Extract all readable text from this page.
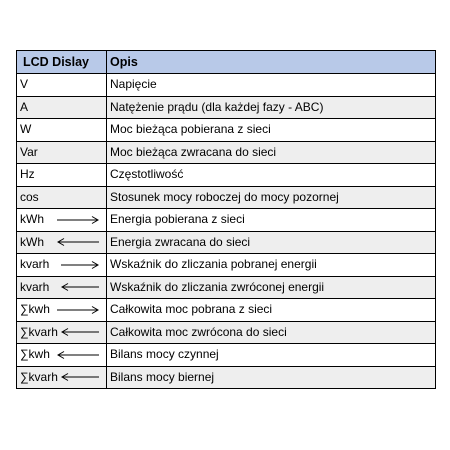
LCD Dislay	Opis
V	Napięcie
A	Natężenie prądu (dla każdej fazy - ABC)
W	Moc bieżąca pobierana z sieci
Var	Moc bieżąca zwracana do sieci
Hz	Częstotliwość
cos	Stosunek mocy roboczej do mocy pozornej
kWh	Energia pobierana z sieci
kWh	Energia zwracana do sieci
kvarh	Wskaźnik do zliczania pobranej energii
kvarh	Wskaźnik do zliczania zwróconej energii
∑kwh	Całkowita moc pobrana z sieci
∑kvarh	Całkowita moc zwrócona do sieci
∑kwh	Bilans mocy czynnej
∑kvarh	Bilans mocy biernej
